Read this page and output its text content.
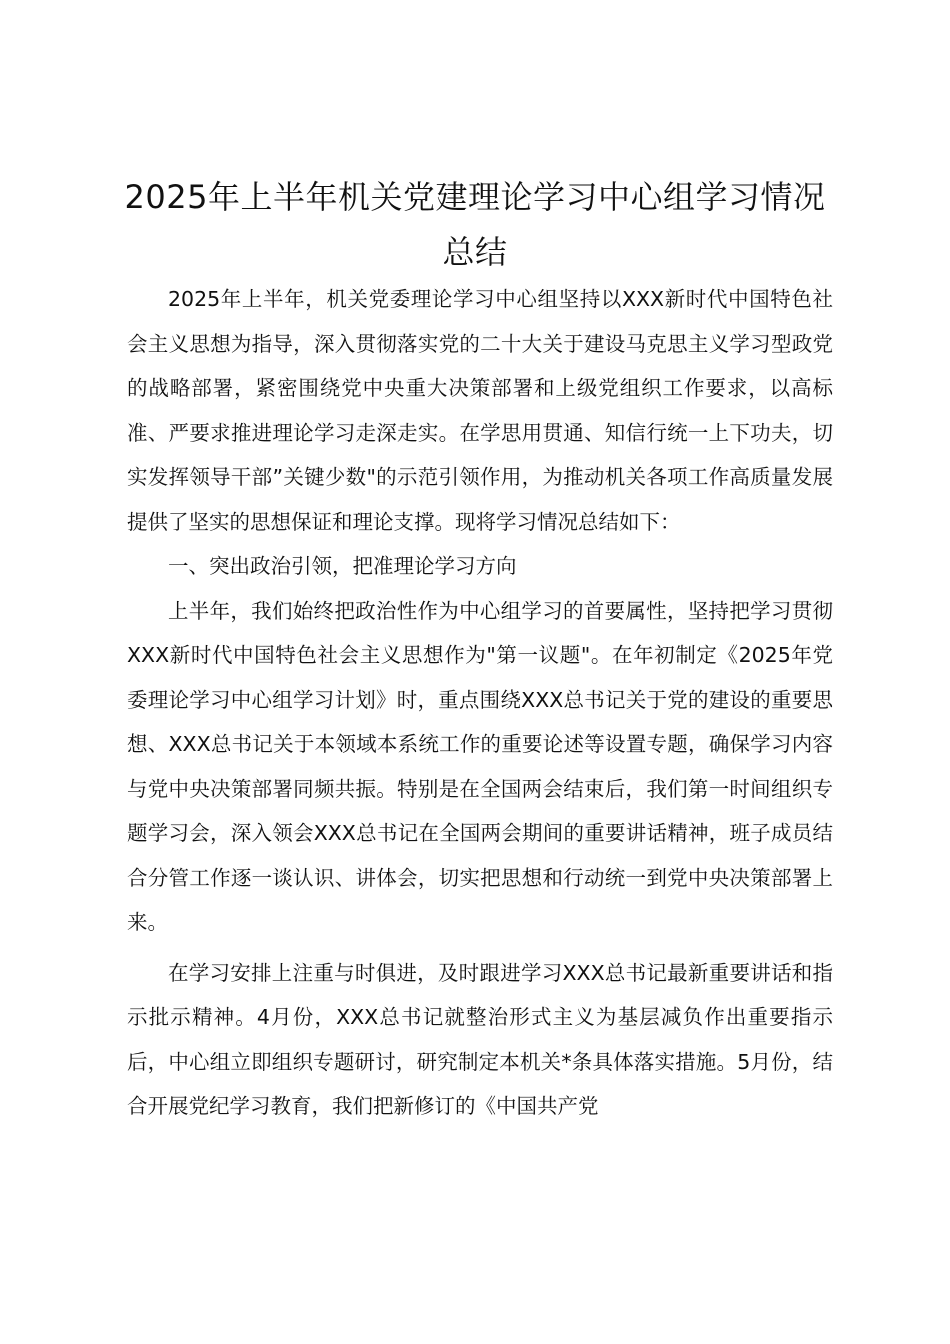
2025年上半年机关党建理论学习中心组学习情况总结

2025年上半年，机关党委理论学习中心组坚持以XXX新时代中国特色社会主义思想为指导，深入贯彻落实党的二十大关于建设马克思主义学习型政党的战略部署，紧密围绕党中央重大决策部署和上级党组织工作要求，以高标准、严要求推进理论学习走深走实。在学思用贯通、知信行统一上下功夫，切实发挥领导干部”关键少数"的示范引领作用，为推动机关各项工作高质量发展提供了坚实的思想保证和理论支撑。现将学习情况总结如下：

一、突出政治引领，把准理论学习方向

上半年，我们始终把政治性作为中心组学习的首要属性，坚持把学习贯彻XXX新时代中国特色社会主义思想作为"第一议题"。在年初制定《2025年党委理论学习中心组学习计划》时，重点围绕XXX总书记关于党的建设的重要思想、XXX总书记关于本领域本系统工作的重要论述等设置专题，确保学习内容与党中央决策部署同频共振。特别是在全国两会结束后，我们第一时间组织专题学习会，深入领会XXX总书记在全国两会期间的重要讲话精神，班子成员结合分管工作逐一谈认识、讲体会，切实把思想和行动统一到党中央决策部署上来。

在学习安排上注重与时俱进，及时跟进学习XXX总书记最新重要讲话和指示批示精神。4月份，XXX总书记就整治形式主义为基层减负作出重要指示后，中心组立即组织专题研讨，研究制定本机关*条具体落实措施。5月份，结合开展党纪学习教育，我们把新修订的《中国共产党
